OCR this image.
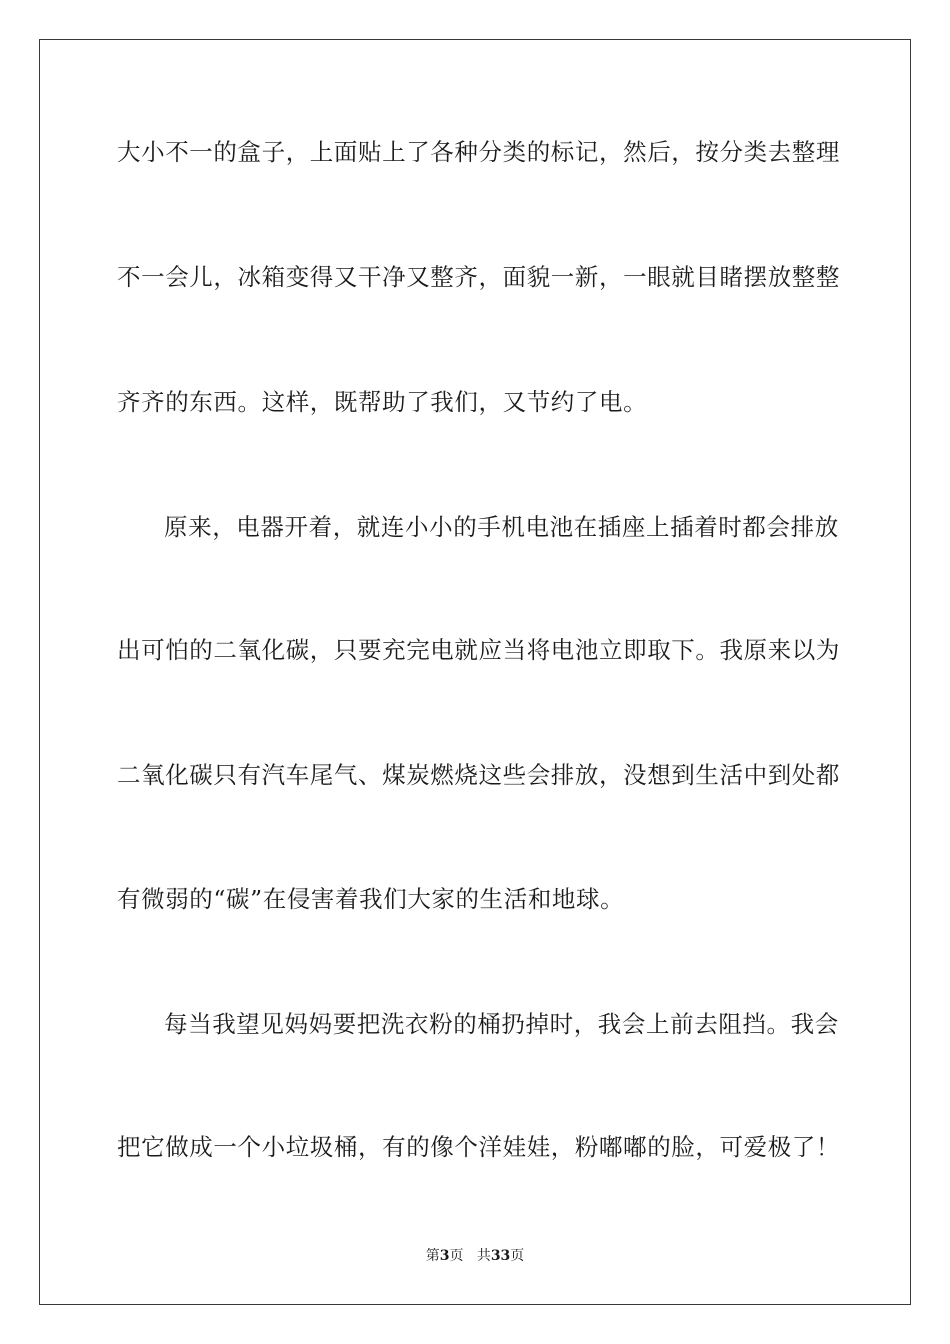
大小不一的盒子，上面贴上了各种分类的标记，然后，按分类去整理
不一会儿，冰箱变得又干净又整齐，面貌一新，一眼就目睹摆放整整
齐齐的东西。这样，既帮助了我们，又节约了电。
原来，电器开着，就连小小的手机电池在插座上插着时都会排放
出可怕的二氧化碳，只要充完电就应当将电池立即取下。我原来以为
二氧化碳只有汽车尾气、煤炭燃烧这些会排放，没想到生活中到处都
有微弱的“碳”在侵害着我们大家的生活和地球。
每当我望见妈妈要把洗衣粉的桶扔掉时，我会上前去阻挡。我会
把它做成一个小垃圾桶，有的像个洋娃娃，粉嘟嘟的脸，可爱极了！
第3页 共33页
